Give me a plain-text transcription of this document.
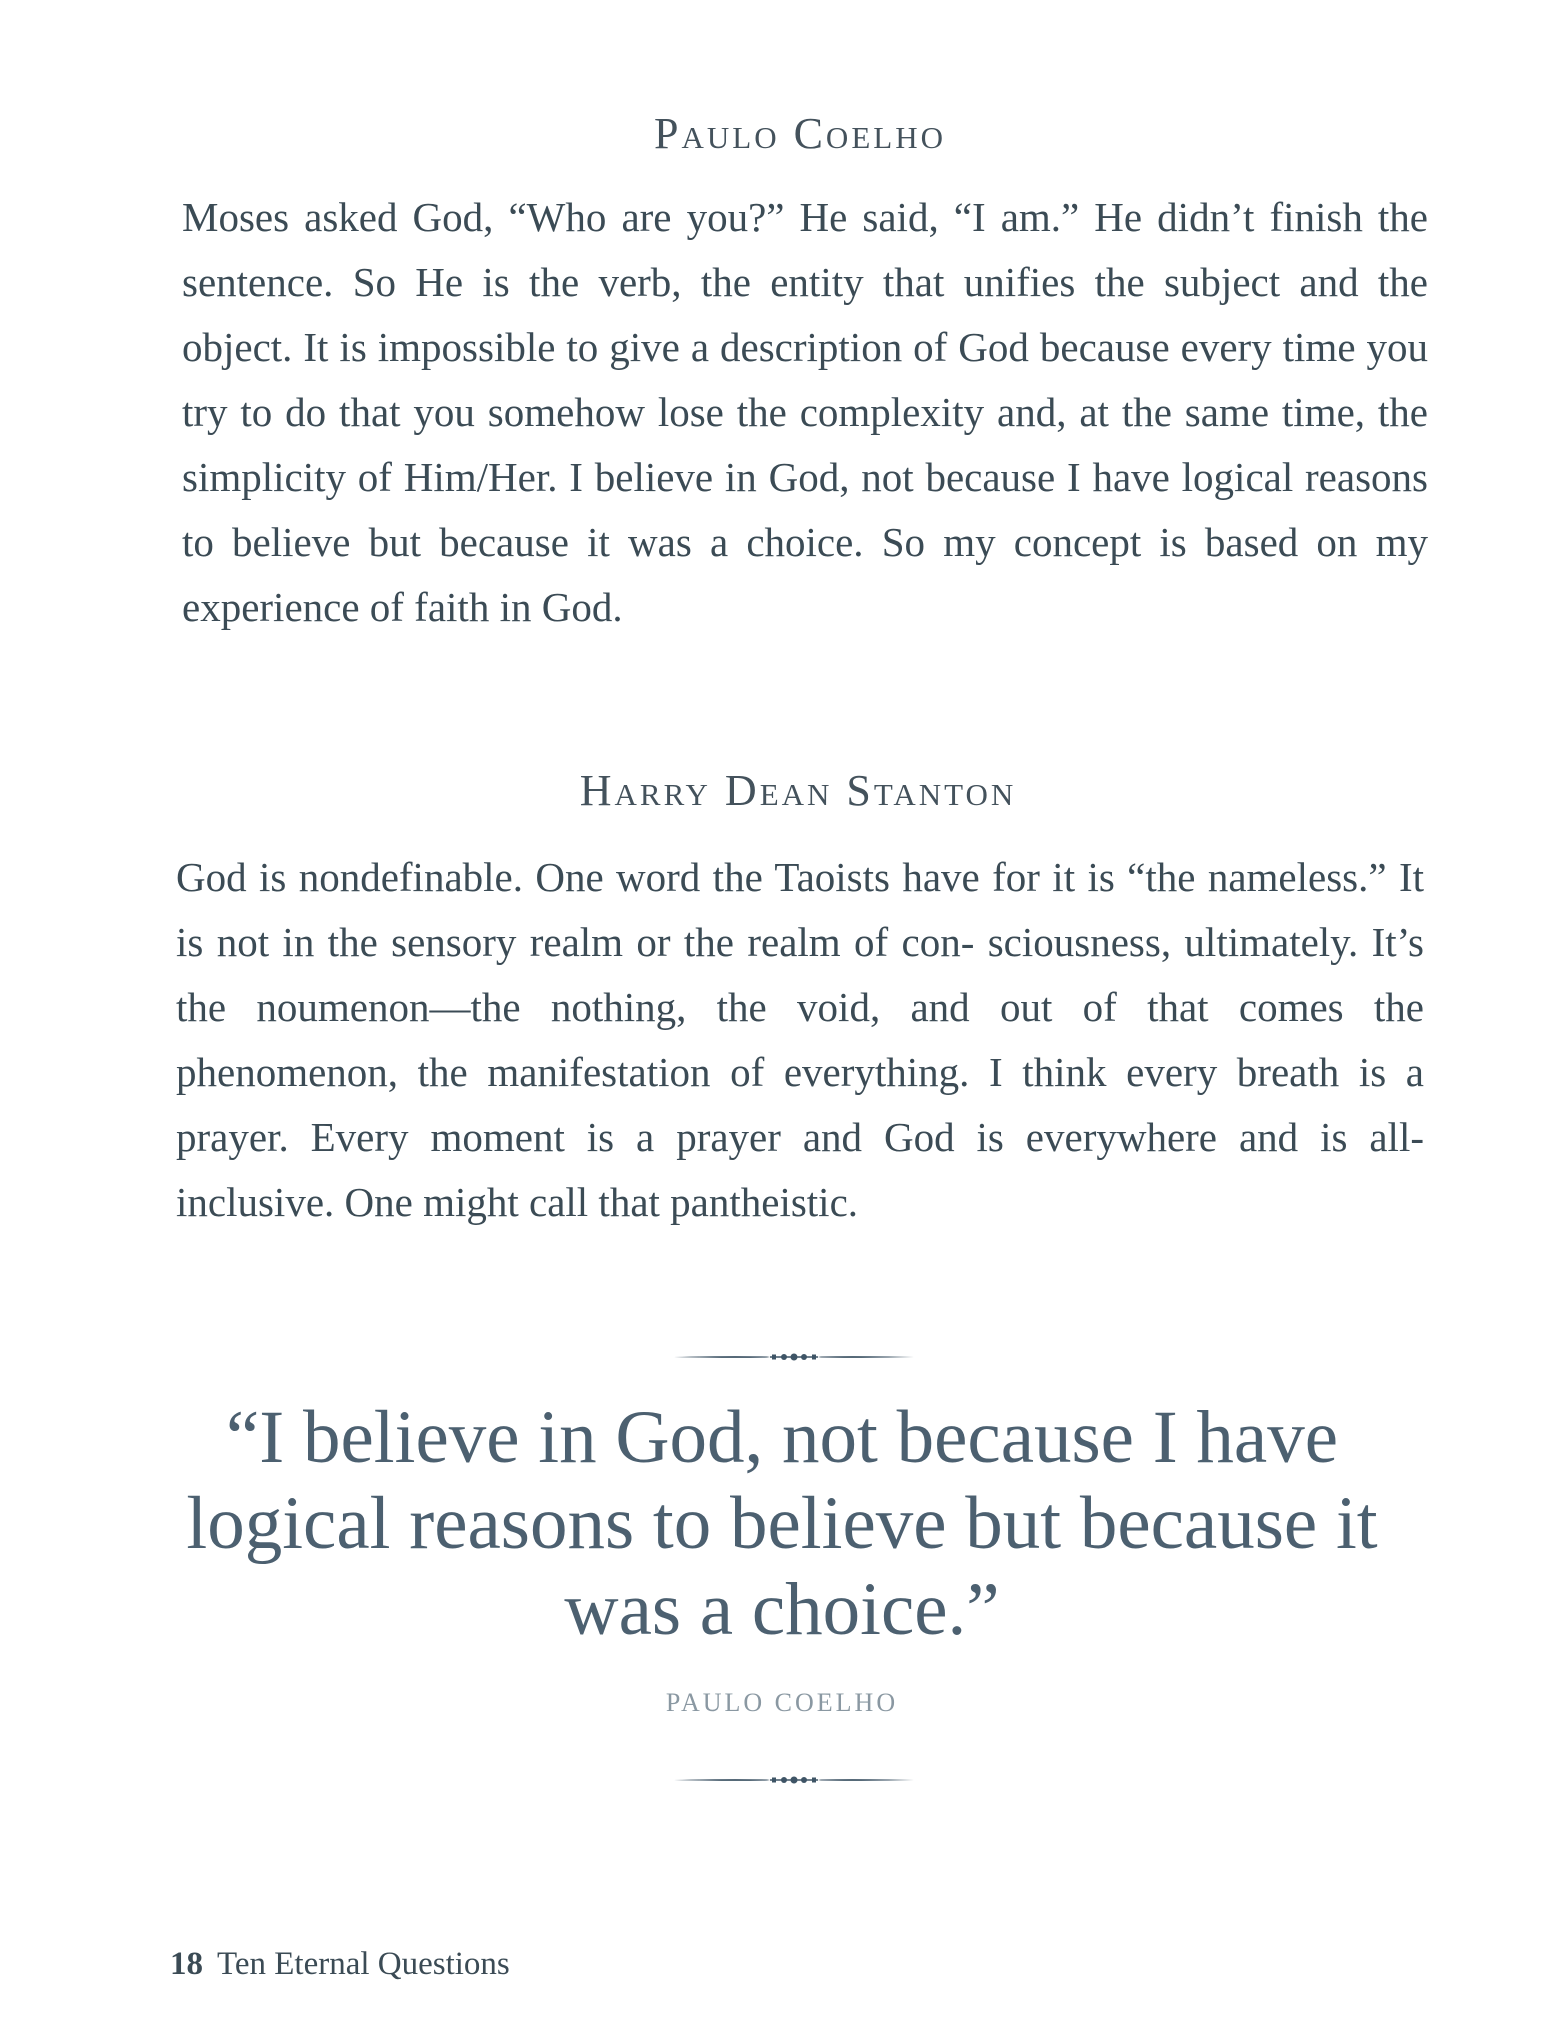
Paulo Coelho

Moses asked God, “Who are you?” He said, “I am.” He didn’t finish the sentence. So He is the verb, the entity that unifies the subject and the object. It is impossible to give a description of God because every time you try to do that you somehow lose the complexity and, at the same time, the simplicity of Him/Her. I believe in God, not because I have logical reasons to believe but because it was a choice. So my concept is based on my experience of faith in God.

Harry Dean Stanton

God is nondefinable. One word the Taoists have for it is “the nameless.” It is not in the sensory realm or the realm of con- sciousness, ultimately. It’s the noumenon—the nothing, the void, and out of that comes the phenomenon, the manifestation of everything. I think every breath is a prayer. Every moment is a prayer and God is everywhere and is all-inclusive. One might call that pantheistic.

“I believe in God, not because I have logical reasons to believe but because it was a choice.”

PAULO COELHO

18 Ten Eternal Questions
